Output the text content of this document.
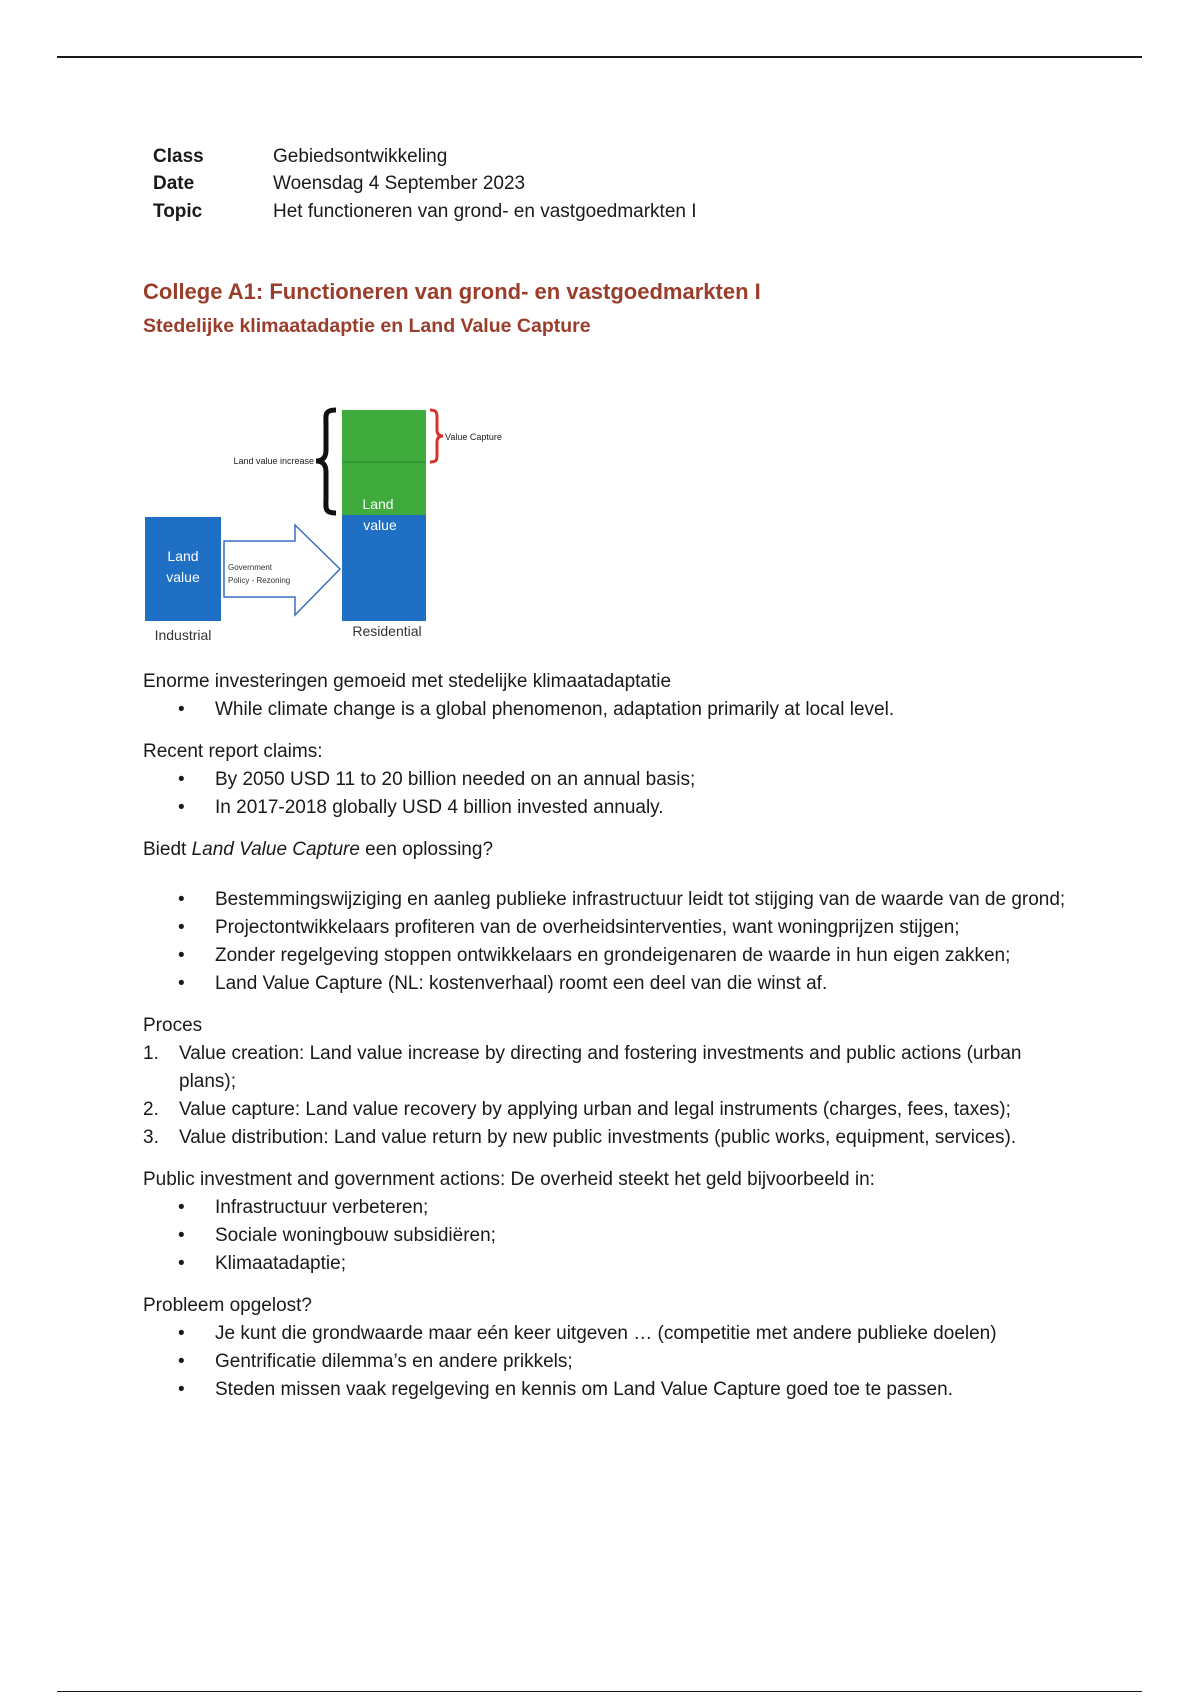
Class	Gebiedsontwikkeling
Date	Woensdag 4 September 2023
Topic	Het functioneren van grond- en vastgoedmarkten I
College A1: Functioneren van grond- en vastgoedmarkten I
Stedelijke klimaatadaptie en Land Value Capture
Land
value
Industrial
Government
Policy - Rezoning
Land
value
Residential
Land value increase
Value Capture

Enorme investeringen gemoeid met stedelijke klimaatadaptatie

• While climate change is a global phenomenon, adaptation primarily at local level.

Recent report claims:

• By 2050 USD 11 to 20 billion needed on an annual basis;
• In 2017-2018 globally USD 4 billion invested annualy.

Biedt Land Value Capture een oplossing?

• Bestemmingswijziging en aanleg publieke infrastructuur leidt tot stijging van de waarde van de grond;
• Projectontwikkelaars profiteren van de overheidsinterventies, want woningprijzen stijgen;
• Zonder regelgeving stoppen ontwikkelaars en grondeigenaren de waarde in hun eigen zakken;
• Land Value Capture (NL: kostenverhaal) roomt een deel van die winst af.

Proces

1. Value creation: Land value increase by directing and fostering investments and public actions (urban plans);
2. Value capture: Land value recovery by applying urban and legal instruments (charges, fees, taxes);
3. Value distribution: Land value return by new public investments (public works, equipment, services).

Public investment and government actions: De overheid steekt het geld bijvoorbeeld in:

• Infrastructuur verbeteren;
• Sociale woningbouw subsidiëren;
• Klimaatadaptie;

Probleem opgelost?

• Je kunt die grondwaarde maar eén keer uitgeven … (competitie met andere publieke doelen)
• Gentrificatie dilemma’s en andere prikkels;
• Steden missen vaak regelgeving en kennis om Land Value Capture goed toe te passen.
